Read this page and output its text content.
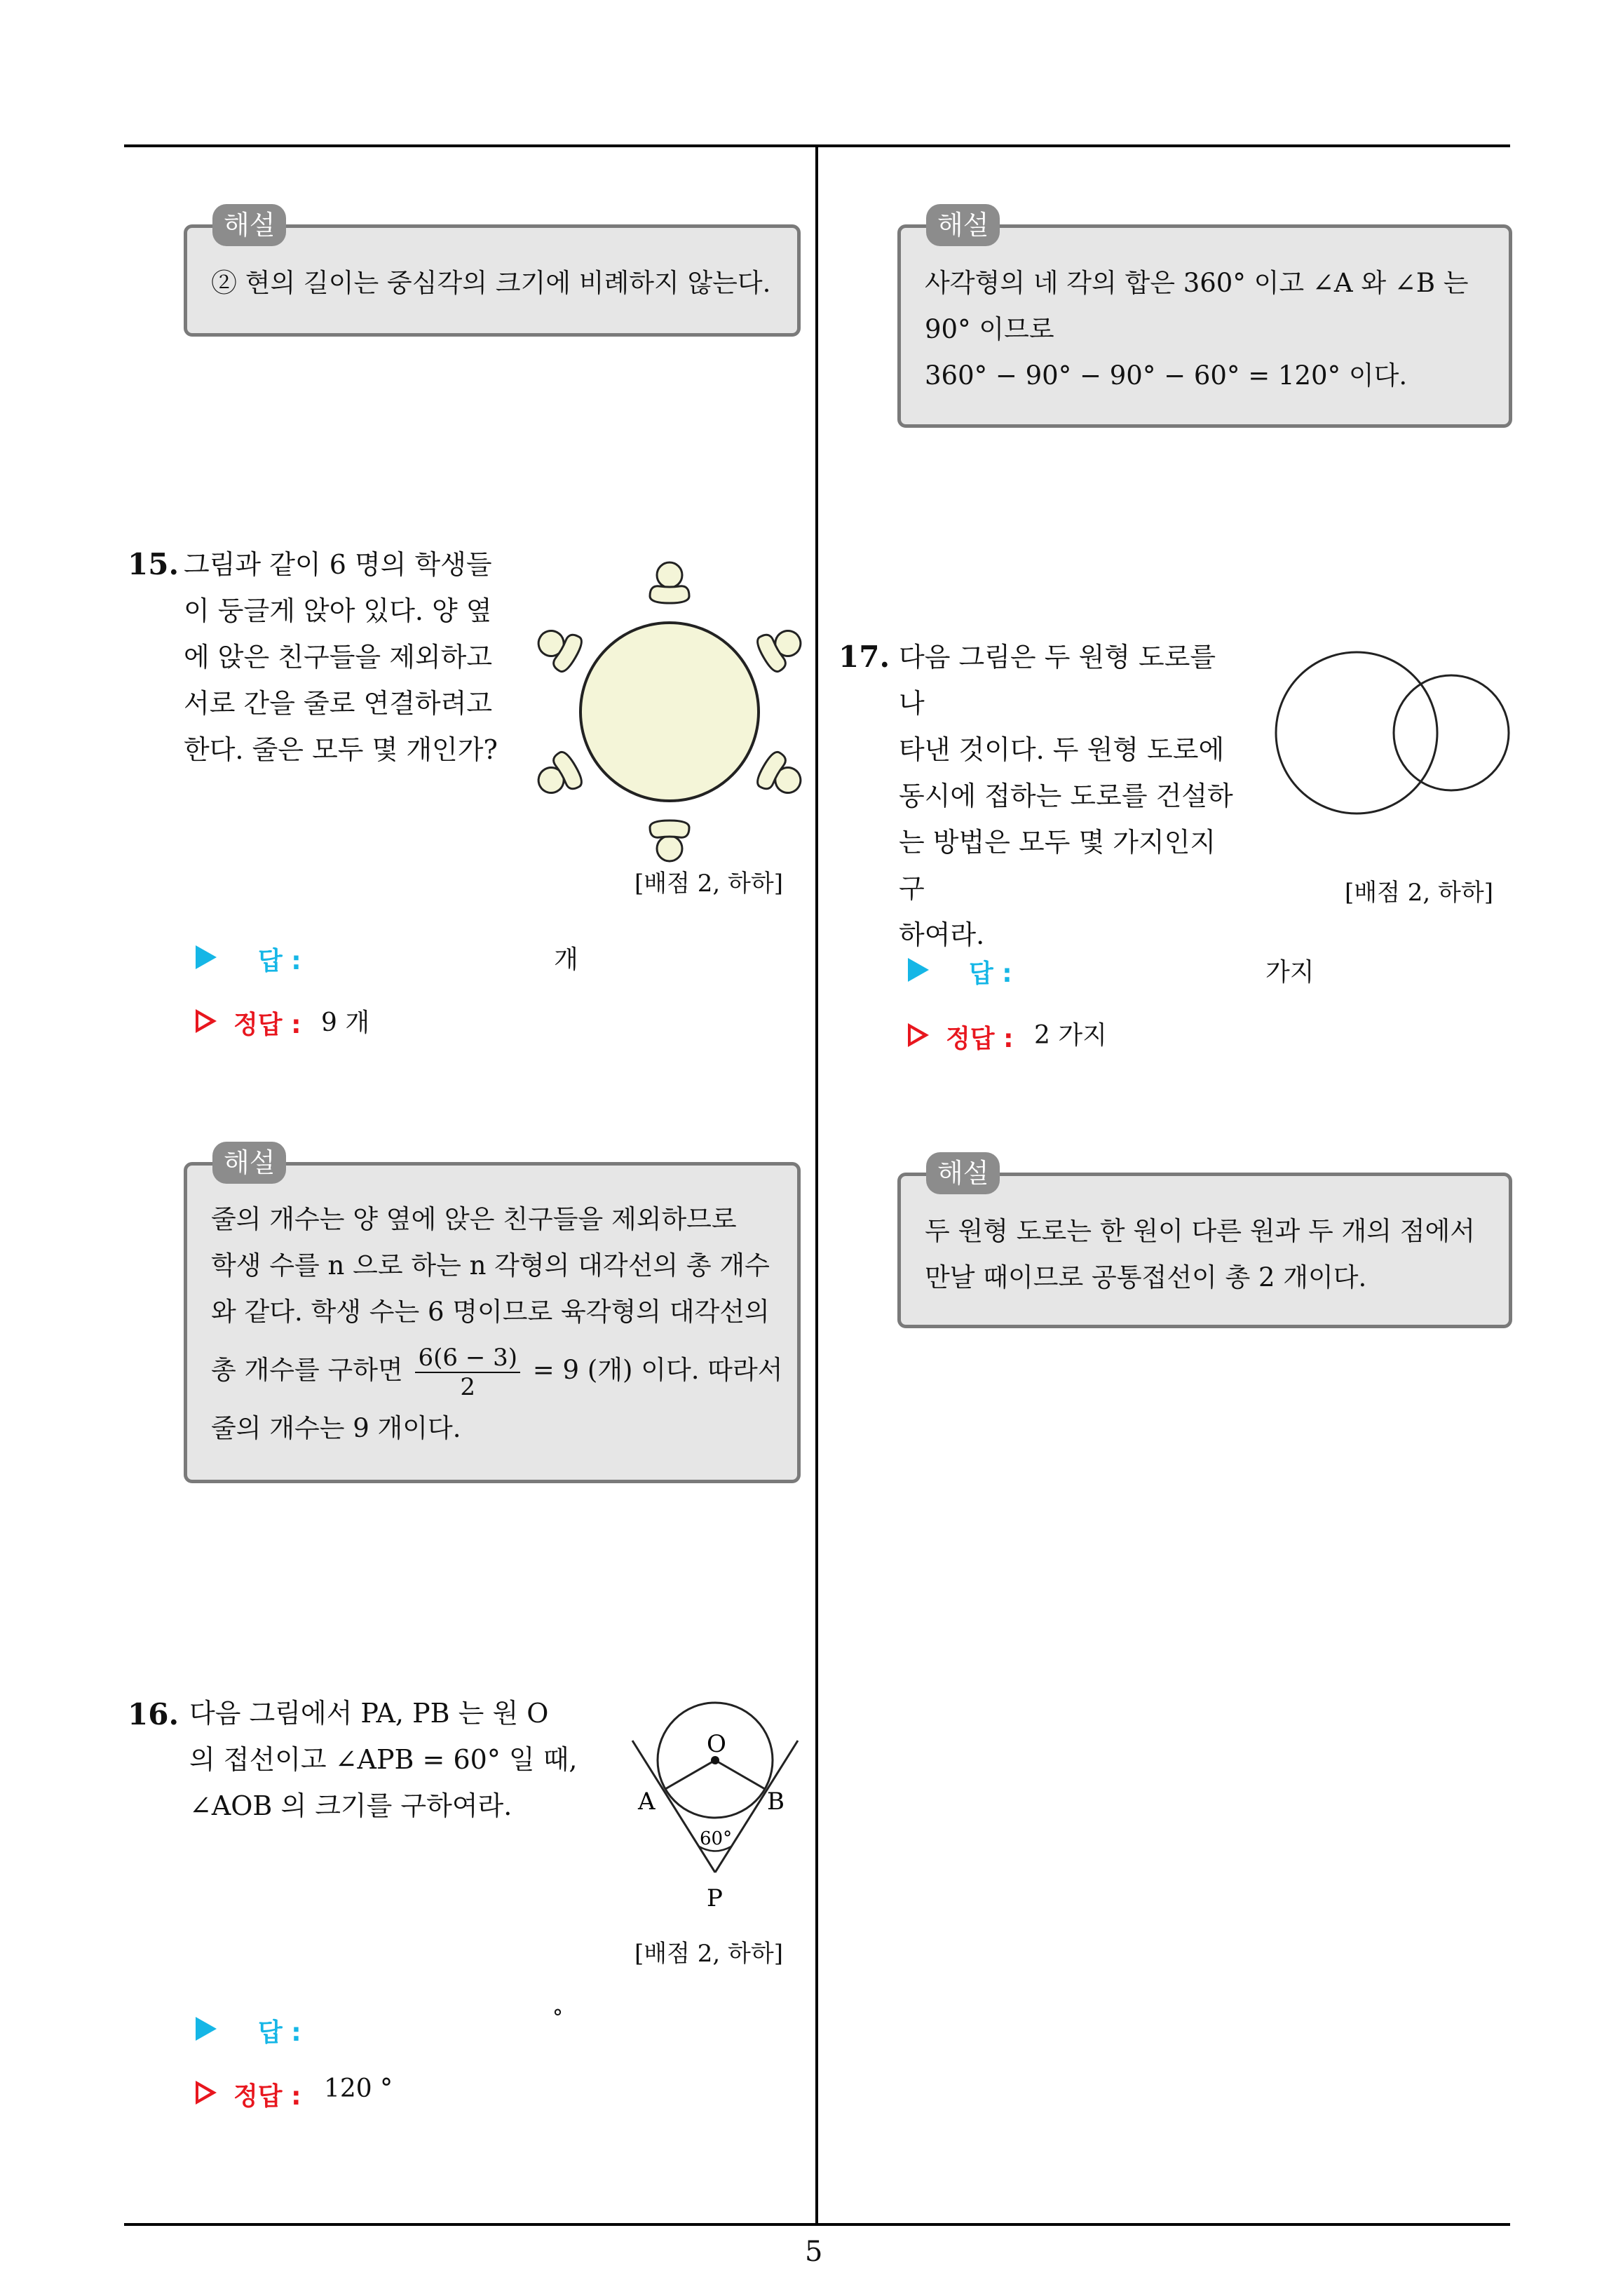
해설
② 현의 길이는 중심각의 크기에 비례하지 않는다.
15. 그림과 같이 6 명의 학생들
이 둥글게 앉아 있다. 양 옆
에 앉은 친구들을 제외하고
서로 간을 줄로 연결하려고
한다. 줄은 모두 몇 개인가?
[배점 2, 하하]
답 :	개
정답 : 9 개
해설
줄의 개수는 양 옆에 앉은 친구들을 제외하므로
학생 수를 n 으로 하는 n 각형의 대각선의 총 개수
와 같다. 학생 수는 6 명이므로 육각형의 대각선의
총 개수를 구하면 $\frac{6(6 - 3)}{2} = 9$ (개) 이다. 따라서
줄의 개수는 9 개이다.
16. 다음 그림에서 PA, PB 는 원 O
의 접선이고 ∠APB = 60° 일 때,
∠AOB 의 크기를 구하여라.
O
A	B
60°
P
[배점 2, 하하]
답 :
°
정답 : 120 °
해설
사각형의 네 각의 합은 360° 이고 ∠A 와 ∠B 는
90° 이므로
360° − 90° − 90° − 60° = 120° 이다.
17. 다음 그림은 두 원형 도로를 나
타낸 것이다. 두 원형 도로에
동시에 접하는 도로를 건설하
는 방법은 모두 몇 가지인지 구
하여라.
[배점 2, 하하]
답 :	가지
정답 : 2 가지
해설
두 원형 도로는 한 원이 다른 원과 두 개의 점에서
만날 때이므로 공통접선이 총 2 개이다.
5
